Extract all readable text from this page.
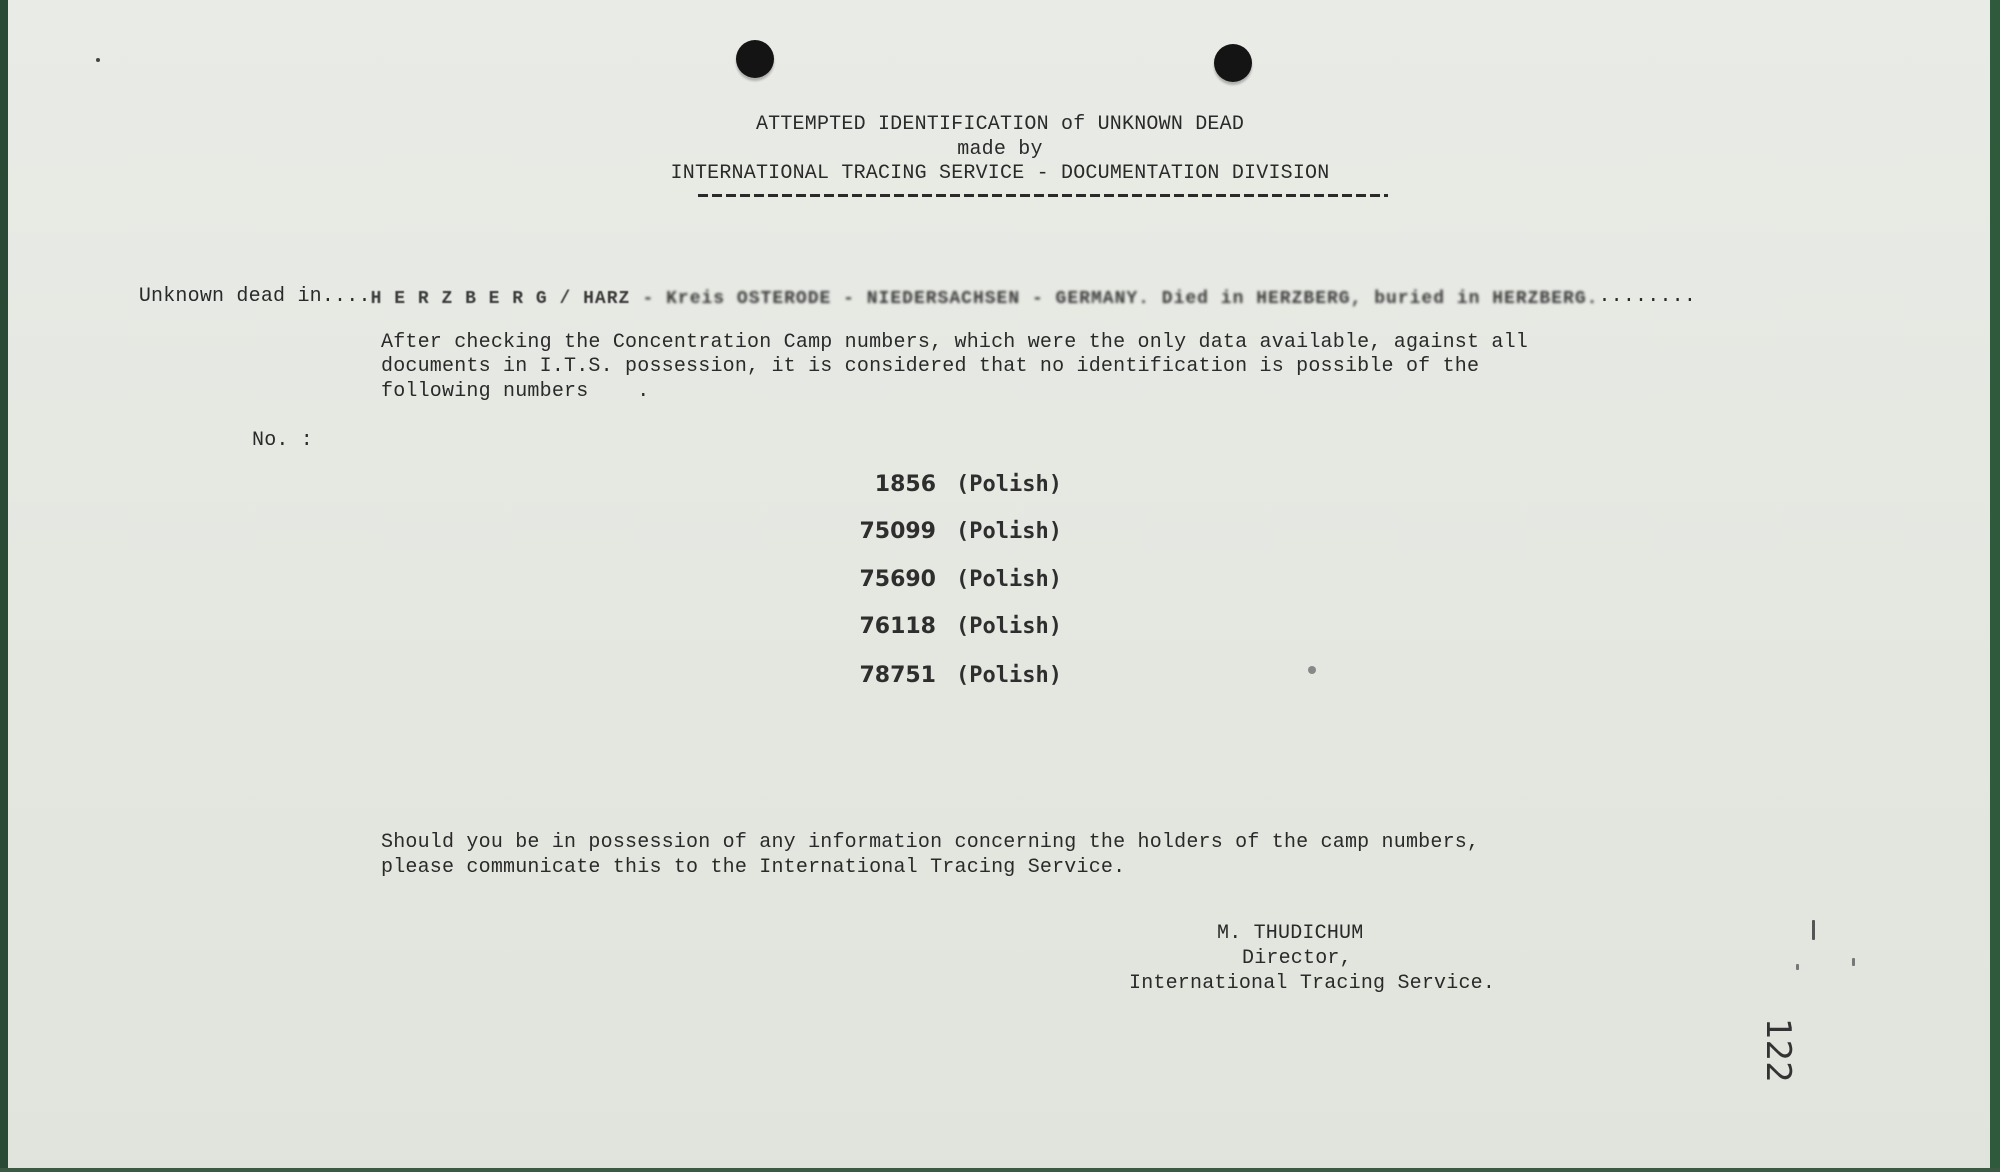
ATTEMPTED IDENTIFICATION of UNKNOWN DEAD
made by
INTERNATIONAL TRACING SERVICE - DOCUMENTATION DIVISION

Unknown dead in....H E R Z B E R G / HARZ - Kreis OSTERODE - NIEDERSACHSEN - GERMANY. Died in HERZBERG, buried in HERZBERG.........

After checking the Concentration Camp numbers, which were the only data available, against all
documents in I.T.S. possession, it is considered that no identification is possible of the
following numbers    .
No. :
1856 (Polish)
75099 (Polish)
75690 (Polish)
76118 (Polish)
78751 (Polish)
Should you be in possession of any information concerning the holders of the camp numbers,
please communicate this to the International Tracing Service.
M. THUDICHUM
Director,
International Tracing Service.
122
